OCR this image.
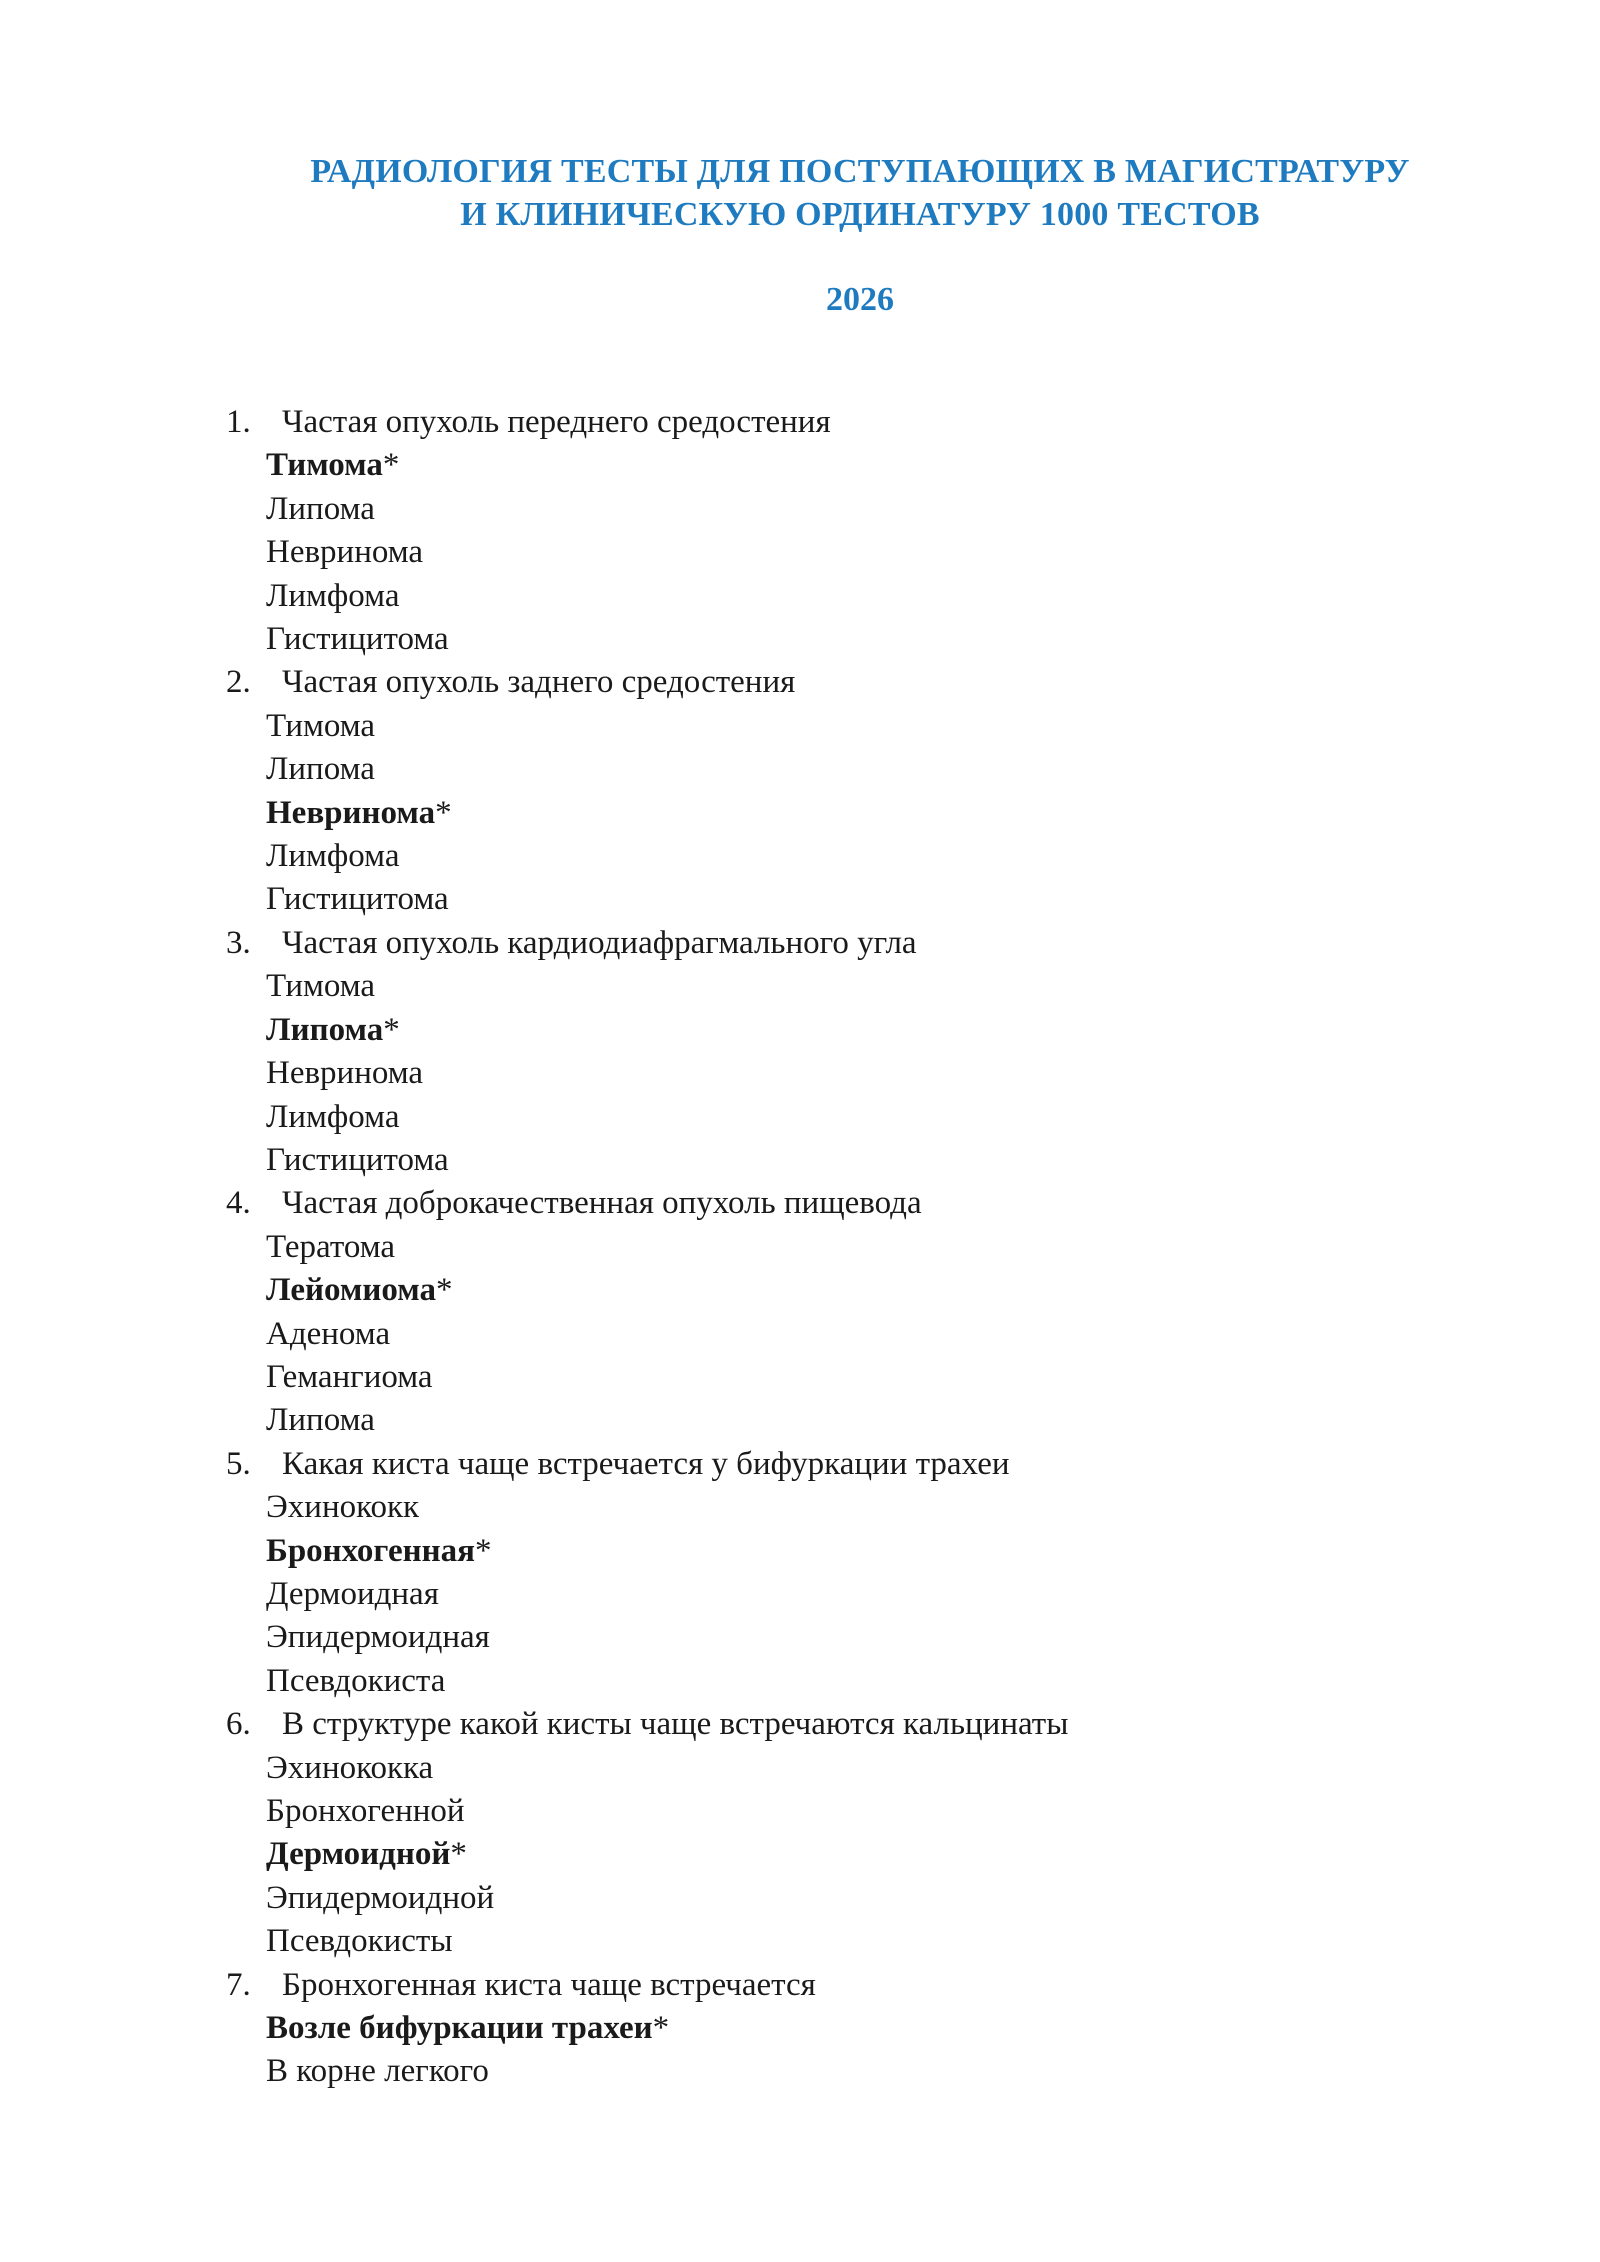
РАДИОЛОГИЯ ТЕСТЫ ДЛЯ ПОСТУПАЮЩИХ В МАГИСТРАТУРУ
И КЛИНИЧЕСКУЮ ОРДИНАТУРУ 1000 ТЕСТОВ
2026
1. Частая опухоль переднего средостения
Тимома*
Липома
Невринома
Лимфома
Гистицитома
2. Частая опухоль заднего средостения
Тимома
Липома
Невринома*
Лимфома
Гистицитома
3. Частая опухоль кардиодиафрагмального угла
Тимома
Липома*
Невринома
Лимфома
Гистицитома
4. Частая доброкачественная опухоль пищевода
Тератома
Лейомиома*
Аденома
Гемангиома
Липома
5. Какая киста чаще встречается у бифуркации трахеи
Эхинококк
Бронхогенная*
Дермоидная
Эпидермоидная
Псевдокиста
6. В структуре какой кисты чаще встречаются кальцинаты
Эхинококка
Бронхогенной
Дермоидной*
Эпидермоидной
Псевдокисты
7. Бронхогенная киста чаще встречается
Возле бифуркации трахеи*
В корне легкого
